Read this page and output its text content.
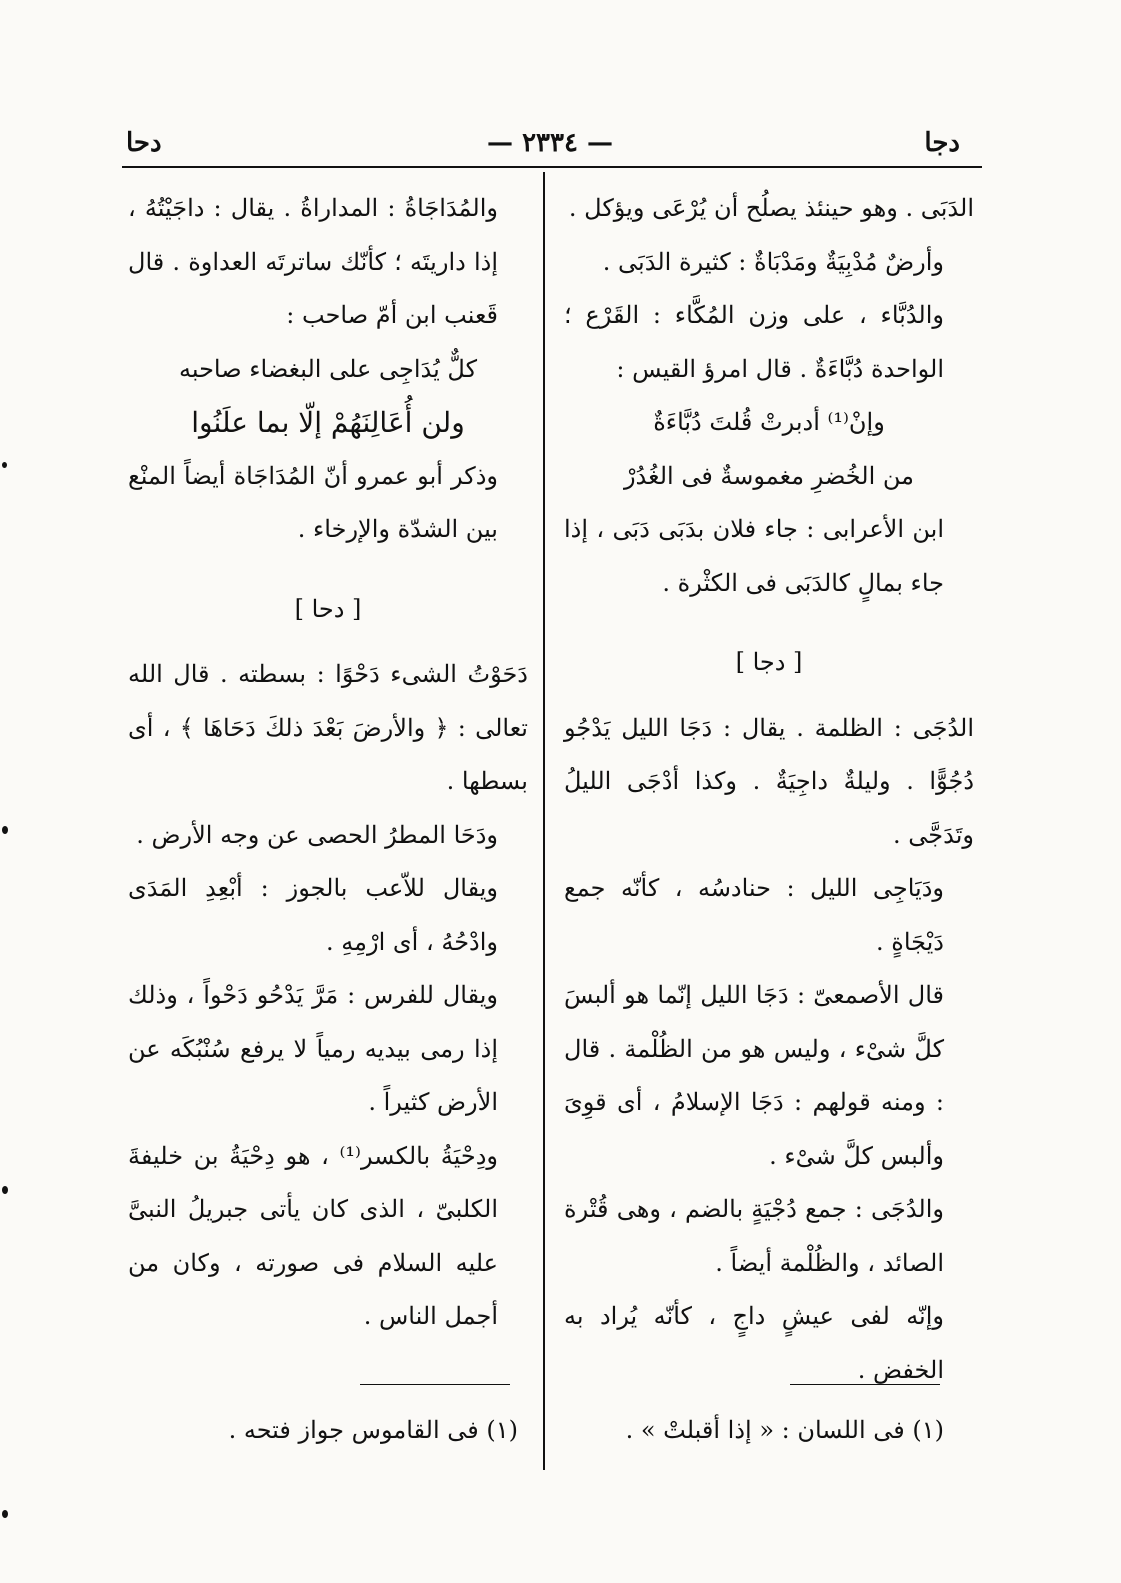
دحا	— ٢٣٣٤ —	دجا

الدَبَى . وهو حينئذ يصلُح أن يُرْعَى ويؤكل .

وأرضٌ مُدْبِيَةٌ ومَدْبَاةٌ : كثيرة الدَبَى .

والدُبَّاء ، على وزن المُكَّاء : القَرْع ؛ الواحدة دُبَّاءَةٌ . قال امرؤ القيس :

وإنْ⁽¹⁾ أدبرتْ قُلتَ دُبَّاءَةٌ

من الخُضرِ مغموسةٌ فى الغُدُرْ

ابن الأعرابى : جاء فلان بدَبَى دَبَى ، إذا جاء بمالٍ كالدَبَى فى الكثْرة .

[ دجا ]

الدُجَى : الظلمة . يقال : دَجَا الليل يَدْجُو دُجُوًّا . وليلةٌ داجِيَةٌ . وكذا أدْجَى الليلُ وتَدَجَّى .

ودَيَاجِى الليل : حنادسُه ، كأنّه جمع دَيْجَاةٍ .

قال الأصمعىّ : دَجَا الليل إنّما هو ألبسَ كلَّ شىْء ، وليس هو من الظُلْمة . قال : ومنه قولهم : دَجَا الإسلامُ ، أى قوِىَ وألبس كلَّ شىْء .

والدُجَى : جمع دُجْيَةٍ بالضم ، وهى قُتْرة الصائد ، والظُلْمة أيضاً .

وإنّه لفى عيشٍ داجٍ ، كأنّه يُراد به الخفض .

والمُدَاجَاةُ : المداراةُ . يقال : داجَيْتُهُ ، إذا داريتَه ؛ كأنّك ساترتَه العداوة . قال قَعنب ابن أمّ صاحب :

كلٌّ يُدَاجِى على البغضاء صاحبه

ولن أُعَالِنَهُمْ إلّا بما علَنُوا

وذكر أبو عمرو أنّ المُدَاجَاة أيضاً المنْع بين الشدّة والإرخاء .

[ دحا ]

دَحَوْتُ الشىء دَحْوًا : بسطته . قال الله تعالى : ﴿ والأرضَ بَعْدَ ذلكَ دَحَاهَا ﴾ ، أى بسطها .

ودَحَا المطرُ الحصى عن وجه الأرض .

ويقال للاّعب بالجوز : أبْعِدِ المَدَى وادْحُهُ ، أى ارْمِهِ .

ويقال للفرس : مَرَّ يَدْحُو دَحْواً ، وذلك إذا رمى بيديه رمياً لا يرفع سُنْبُكَه عن الأرض كثيراً .

ودِحْيَةُ بالكسر⁽¹⁾ ، هو دِحْيَةُ بن خليفةَ الكلبىّ ، الذى كان يأتى جبريلُ النبىَّ عليه السلام فى صورته ، وكان من أجمل الناس .

(١) فى اللسان : « إذا أقبلتْ » .
(١) فى القاموس جواز فتحه .
